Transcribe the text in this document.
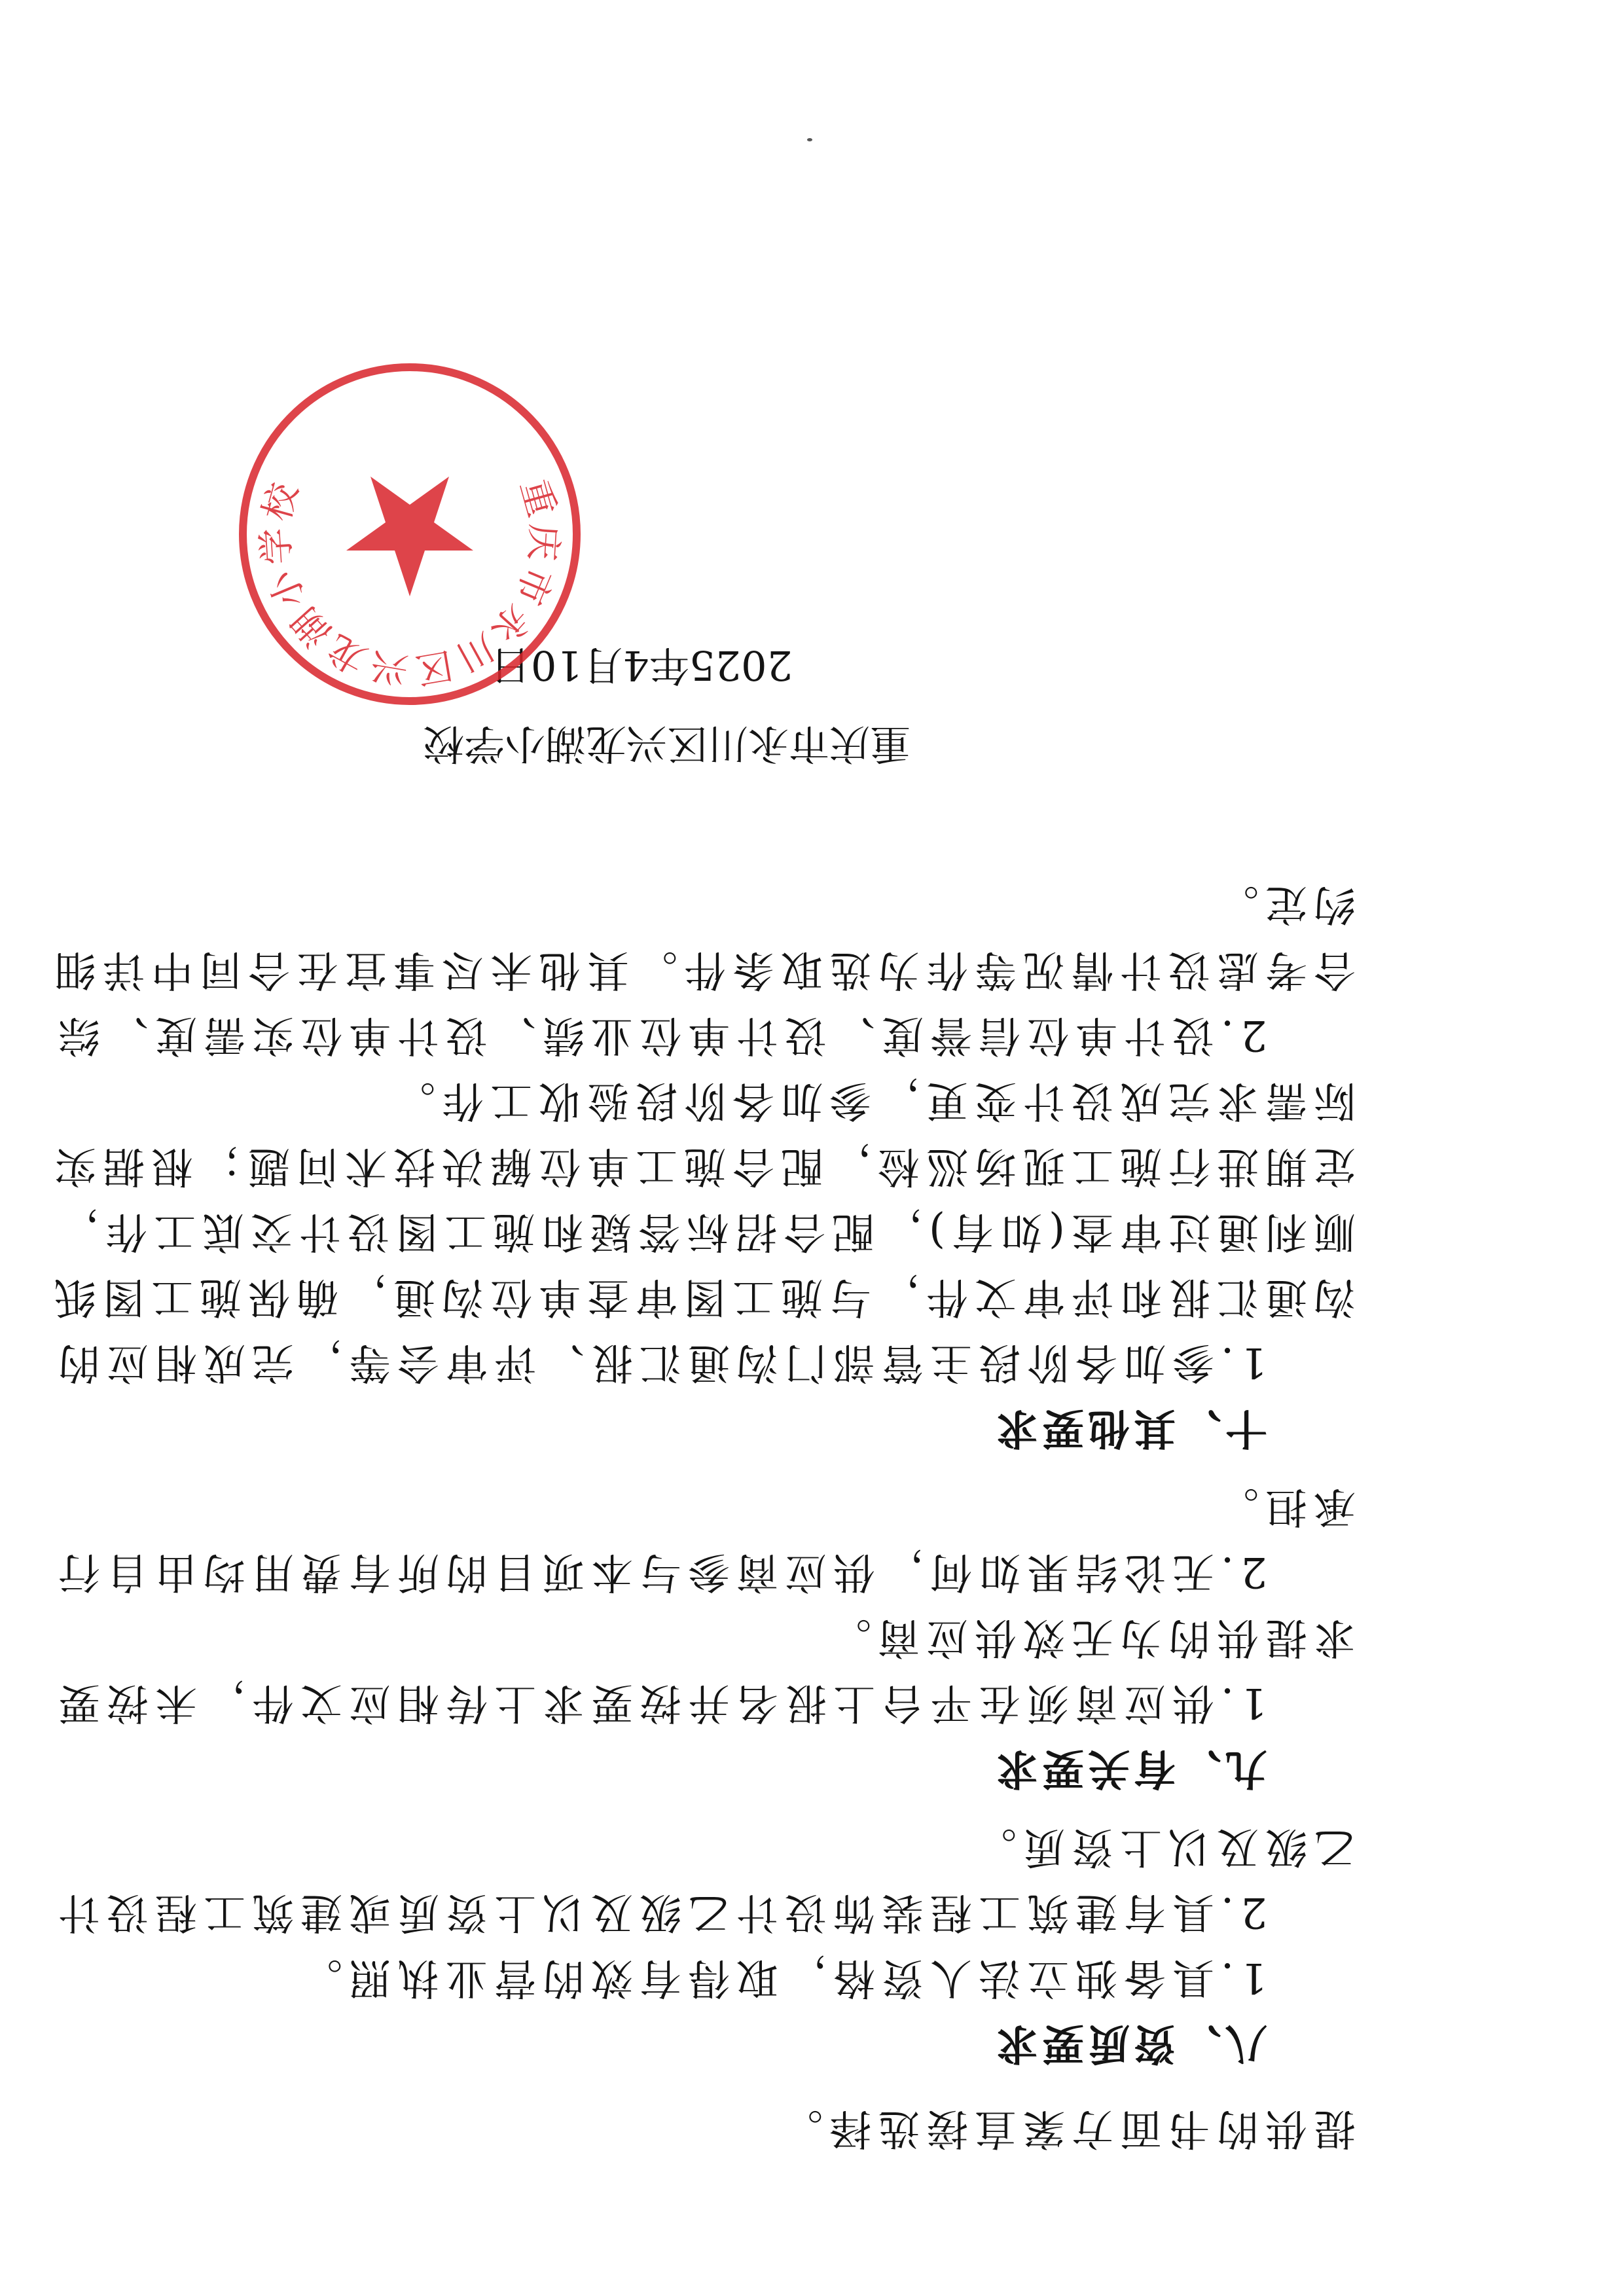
提供的书面方案直接选择。
八、资质要求
1.具备独立法人资格，取得有效的营业执照。
2.具有建筑工程装饰设计乙级及以上资质或建筑工程设计
乙级及以上资质。
九、有关要求
1.供应商须在平台上报名并按要求上传相应文件，未按要
求提供的为无效供应商。
2.无论结果如何，供应商参与本项目的所有费用均由自行
承担。
十、其他要求
1.参加各阶段主管部门沟通汇报、评审会等，完成相应的
沟通汇报和评审文件，与施工图审查单位沟通，确保施工图纸
顺利通过审查(如有)，配合招标答疑和施工图设计交底工作，
定期进行施工现场巡检，配合施工单位解决技术问题；根据实
际需求完成设计变更，参加各阶段验收工作。
2.设计单位信誉度、设计单位业绩、设计单位实需度、综
合考虑设计情况等作为选取条件。其他未尽事宜在合同中详细
约定。
重庆市永川区兴龙湖小学校
2025年4月10日
重庆市永川区兴龙湖小学校
